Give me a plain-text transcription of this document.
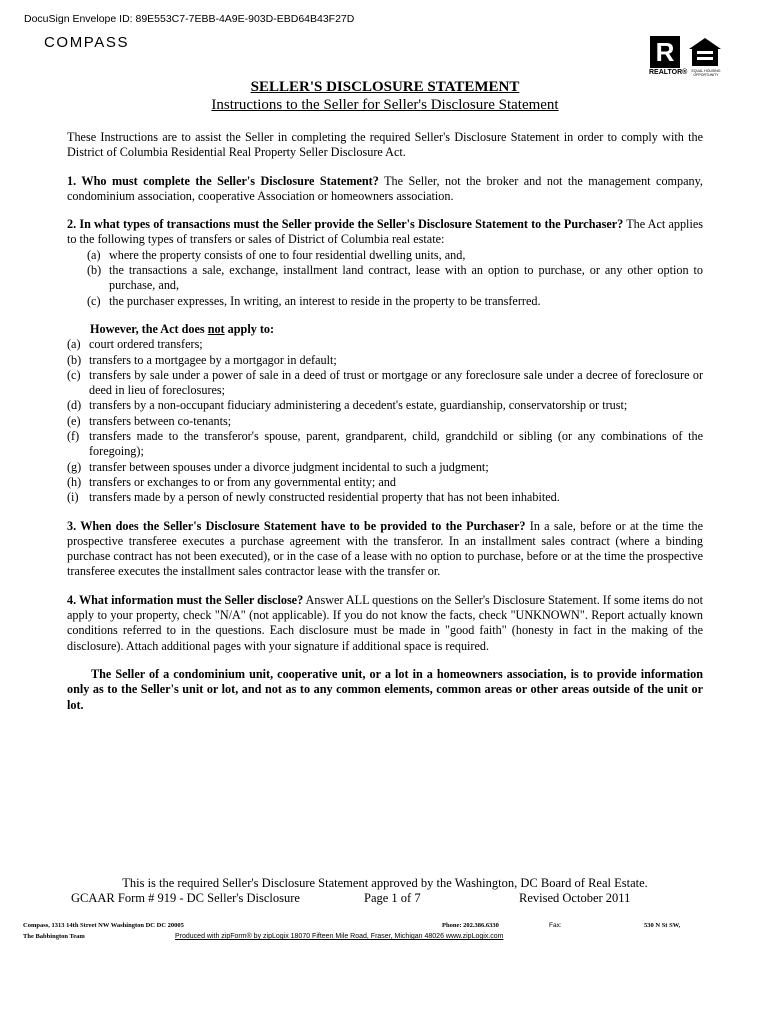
DocuSign Envelope ID: 89E553C7-7EBB-4A9E-903D-EBD64B43F27D
COMPASS	R
REALTOR®	EQUAL HOUSING OPPORTUNITY
SELLER'S DISCLOSURE STATEMENT
Instructions to the Seller for Seller's Disclosure Statement

These Instructions are to assist the Seller in completing the required Seller's Disclosure Statement in order to comply with the District of Columbia Residential Real Property Seller Disclosure Act.

1. Who must complete the Seller's Disclosure Statement? The Seller, not the broker and not the management company, condominium association, cooperative Association or homeowners association.

2. In what types of transactions must the Seller provide the Seller's Disclosure Statement to the Purchaser? The Act applies to the following types of transfers or sales of District of Columbia real estate:

(a) where the property consists of one to four residential dwelling units, and,
(b) the transactions a sale, exchange, installment land contract, lease with an option to purchase, or any other option to purchase, and,
(c) the purchaser expresses, In writing, an interest to reside in the property to be transferred.
However, the Act does not apply to:
(a) court ordered transfers;
(b) transfers to a mortgagee by a mortgagor in default;
(c) transfers by sale under a power of sale in a deed of trust or mortgage or any foreclosure sale under a decree of foreclosure or deed in lieu of foreclosures;
(d) transfers by a non-occupant fiduciary administering a decedent's estate, guardianship, conservatorship or trust;
(e) transfers between co-tenants;
(f) transfers made to the transferor's spouse, parent, grandparent, child, grandchild or sibling (or any combinations of the foregoing);
(g) transfer between spouses under a divorce judgment incidental to such a judgment;
(h) transfers or exchanges to or from any governmental entity; and
(i) transfers made by a person of newly constructed residential property that has not been inhabited.

3. When does the Seller's Disclosure Statement have to be provided to the Purchaser? In a sale, before or at the time the prospective transferee executes a purchase agreement with the transferor. In an installment sales contract (where a binding purchase contract has not been executed), or in the case of a lease with no option to purchase, before or at the time the prospective transferee executes the installment sales contractor lease with the transfer or.

4. What information must the Seller disclose? Answer ALL questions on the Seller's Disclosure Statement. If some items do not apply to your property, check "N/A" (not applicable). If you do not know the facts, check "UNKNOWN". Report actually known conditions referred to in the questions. Each disclosure must be made in "good faith" (honesty in fact in the making of the disclosure). Attach additional pages with your signature if additional space is required.

The Seller of a condominium unit, cooperative unit, or a lot in a homeowners association, is to provide information only as to the Seller's unit or lot, and not as to any common elements, common areas or other areas outside of the unit or lot.

This is the required Seller's Disclosure Statement approved by the Washington, DC Board of Real Estate.
GCAAR Form # 919 - DC Seller's Disclosure	Page 1 of 7	Revised October 2011
Compass, 1313 14th Street NW Washington DC DC 20005	Phone: 202.386.6330	Fax:	530 N St SW,
The Babbington Team	Produced with zipForm® by zipLogix 18070 Fifteen Mile Road, Fraser, Michigan 48026 www.zipLogix.com
